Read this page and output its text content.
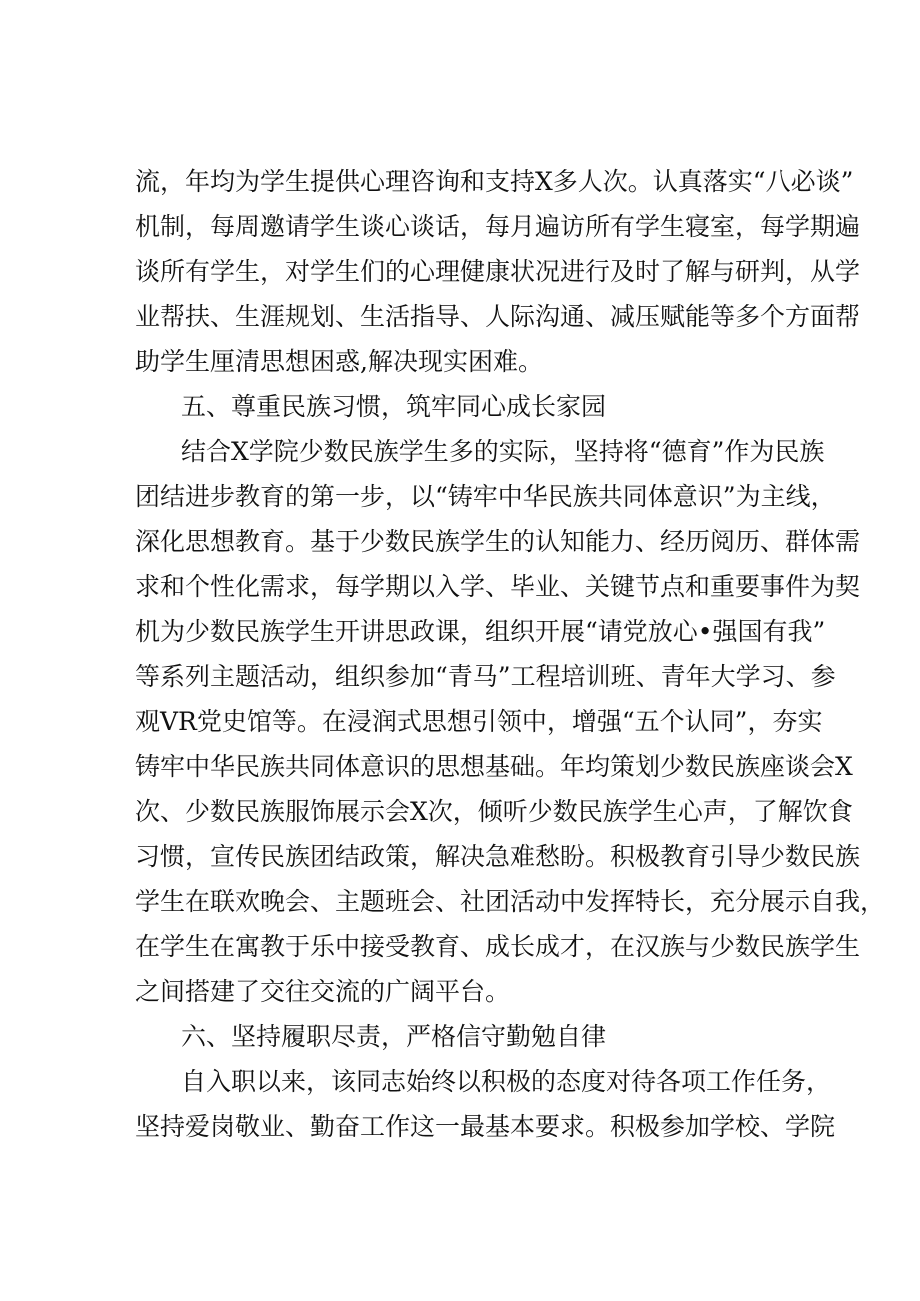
流，年均为学生提供心理咨询和支持X多人次。认真落实“八必谈”
机制，每周邀请学生谈心谈话，每月遍访所有学生寝室，每学期遍
谈所有学生，对学生们的心理健康状况进行及时了解与研判，从学
业帮扶、生涯规划、生活指导、人际沟通、减压赋能等多个方面帮
助学生厘清思想困惑,解决现实困难。
五、尊重民族习惯，筑牢同心成长家园
结合X学院少数民族学生多的实际，坚持将“德育”作为民族
团结进步教育的第一步，以“铸牢中华民族共同体意识”为主线，
深化思想教育。基于少数民族学生的认知能力、经历阅历、群体需
求和个性化需求，每学期以入学、毕业、关键节点和重要事件为契
机为少数民族学生开讲思政课，组织开展“请党放心•强国有我”
等系列主题活动，组织参加“青马”工程培训班、青年大学习、参
观VR党史馆等。在浸润式思想引领中，增强“五个认同”，夯实
铸牢中华民族共同体意识的思想基础。年均策划少数民族座谈会X
次、少数民族服饰展示会X次，倾听少数民族学生心声，了解饮食
习惯，宣传民族团结政策，解决急难愁盼。积极教育引导少数民族
学生在联欢晚会、主题班会、社团活动中发挥特长，充分展示自我，
在学生在寓教于乐中接受教育、成长成才，在汉族与少数民族学生
之间搭建了交往交流的广阔平台。
六、坚持履职尽责，严格信守勤勉自律
自入职以来，该同志始终以积极的态度对待各项工作任务，
坚持爱岗敬业、勤奋工作这一最基本要求。积极参加学校、学院
